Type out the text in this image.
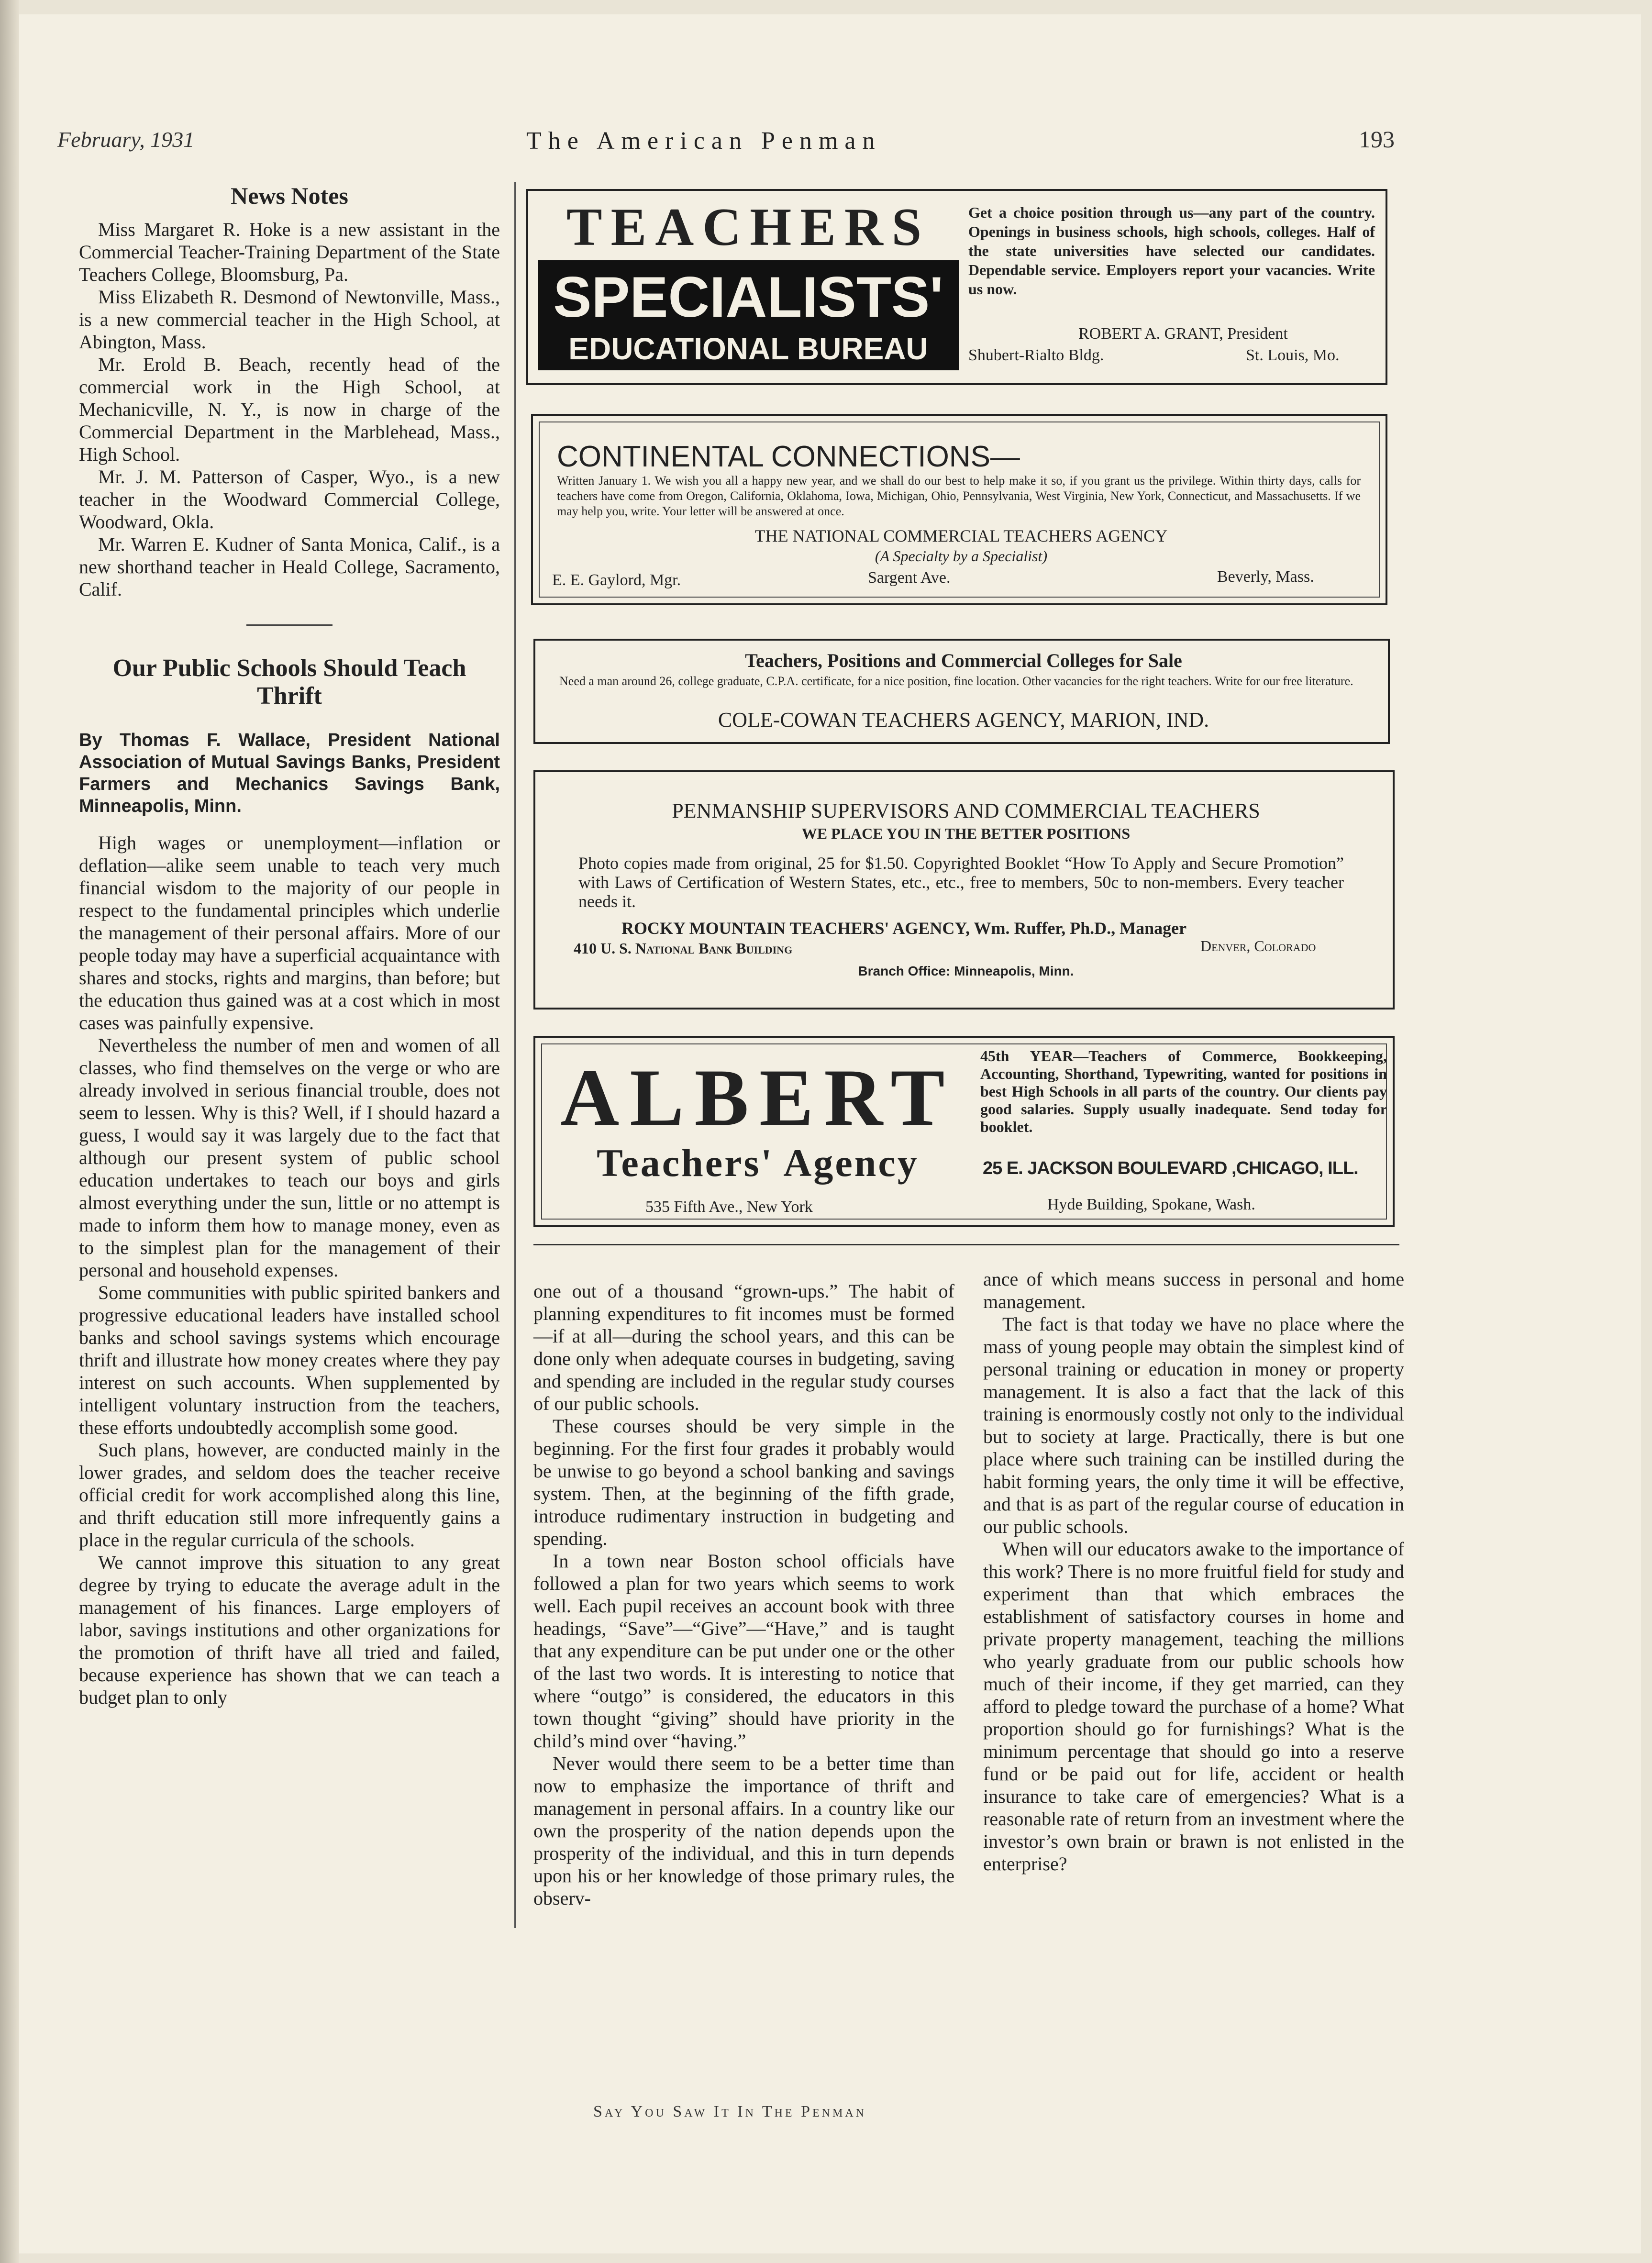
February, 1931	The American Penman	193
News Notes

Miss Margaret R. Hoke is a new assistant in the Commercial Teacher-Training Department of the State Teachers College, Bloomsburg, Pa.

Miss Elizabeth R. Desmond of Newtonville, Mass., is a new commercial teacher in the High School, at Abington, Mass.

Mr. Erold B. Beach, recently head of the commercial work in the High School, at Mechanicville, N. Y., is now in charge of the Commercial Department in the Marblehead, Mass., High School.

Mr. J. M. Patterson of Casper, Wyo., is a new teacher in the Woodward Commercial College, Woodward, Okla.

Mr. Warren E. Kudner of Santa Monica, Calif., is a new shorthand teacher in Heald College, Sacramento, Calif.

Our Public Schools Should Teach Thrift
By Thomas F. Wallace, President National Association of Mutual Savings Banks, President Farmers and Mechanics Savings Bank, Minneapolis, Minn.

High wages or unemployment—inflation or deflation—alike seem unable to teach very much financial wisdom to the majority of our people in respect to the fundamental principles which underlie the management of their personal affairs. More of our people today may have a superficial acquaintance with shares and stocks, rights and margins, than before; but the education thus gained was at a cost which in most cases was painfully expensive.

Nevertheless the number of men and women of all classes, who find themselves on the verge or who are already involved in serious financial trouble, does not seem to lessen. Why is this? Well, if I should hazard a guess, I would say it was largely due to the fact that although our present system of public school education undertakes to teach our boys and girls almost everything under the sun, little or no attempt is made to inform them how to manage money, even as to the simplest plan for the management of their personal and household expenses.

Some communities with public spirited bankers and progressive educational leaders have installed school banks and school savings systems which encourage thrift and illustrate how money creates where they pay interest on such accounts. When supplemented by intelligent voluntary instruction from the teachers, these efforts undoubtedly accomplish some good.

Such plans, however, are conducted mainly in the lower grades, and seldom does the teacher receive official credit for work accomplished along this line, and thrift education still more infrequently gains a place in the regular curricula of the schools.

We cannot improve this situation to any great degree by trying to educate the average adult in the management of his finances. Large employers of labor, savings institutions and other organizations for the promotion of thrift have all tried and failed, because experience has shown that we can teach a budget plan to only

TEACHERS
SPECIALISTS'
EDUCATIONAL BUREAU
Get a choice position through us—any part of the country. Openings in business schools, high schools, colleges. Half of the state universities have selected our candidates. Dependable service. Employers report your vacancies. Write us now.
ROBERT A. GRANT, President
Shubert-Rialto Bldg.	St. Louis, Mo.
CONTINENTAL CONNECTIONS—
Written January 1. We wish you all a happy new year, and we shall do our best to help make it so, if you grant us the privilege. Within thirty days, calls for teachers have come from Oregon, California, Oklahoma, Iowa, Michigan, Ohio, Pennsylvania, West Virginia, New York, Connecticut, and Massachusetts. If we may help you, write. Your letter will be answered at once.
THE NATIONAL COMMERCIAL TEACHERS AGENCY
(A Specialty by a Specialist)
E. E. Gaylord, Mgr.	Sargent Ave.	Beverly, Mass.
Teachers, Positions and Commercial Colleges for Sale
Need a man around 26, college graduate, C.P.A. certificate, for a nice position, fine location. Other vacancies for the right teachers. Write for our free literature.
COLE-COWAN TEACHERS AGENCY, MARION, IND.
PENMANSHIP SUPERVISORS AND COMMERCIAL TEACHERS
WE PLACE YOU IN THE BETTER POSITIONS
Photo copies made from original, 25 for $1.50. Copyrighted Booklet “How To Apply and Secure Promotion” with Laws of Certification of Western States, etc., etc., free to members, 50c to non-members. Every teacher needs it.
ROCKY MOUNTAIN TEACHERS' AGENCY, Wm. Ruffer, Ph.D., Manager
410 U. S. National Bank Building	Denver, Colorado
Branch Office: Minneapolis, Minn.
ALBERT
Teachers' Agency
45th YEAR—Teachers of Commerce, Bookkeeping, Accounting, Shorthand, Typewriting, wanted for positions in best High Schools in all parts of the country. Our clients pay good salaries. Supply usually inadequate. Send today for booklet.
25 E. JACKSON BOULEVARD ,CHICAGO, ILL.
535 Fifth Ave., New York	Hyde Building, Spokane, Wash.

one out of a thousand “grown-ups.” The habit of planning expenditures to fit incomes must be formed—if at all—during the school years, and this can be done only when adequate courses in budgeting, saving and spending are included in the regular study courses of our public schools.

These courses should be very simple in the beginning. For the first four grades it probably would be unwise to go beyond a school banking and savings system. Then, at the beginning of the fifth grade, introduce rudimentary instruction in budgeting and spending.

In a town near Boston school officials have followed a plan for two years which seems to work well. Each pupil receives an account book with three headings, “Save”—“Give”—“Have,” and is taught that any expenditure can be put under one or the other of the last two words. It is interesting to notice that where “outgo” is considered, the educators in this town thought “giving” should have priority in the child’s mind over “having.”

Never would there seem to be a better time than now to emphasize the importance of thrift and management in personal affairs. In a country like our own the prosperity of the nation depends upon the prosperity of the individual, and this in turn depends upon his or her knowledge of those primary rules, the observ-

ance of which means success in personal and home management.

The fact is that today we have no place where the mass of young people may obtain the simplest kind of personal training or education in money or property management. It is also a fact that the lack of this training is enormously costly not only to the individual but to society at large. Practically, there is but one place where such training can be instilled during the habit forming years, the only time it will be effective, and that is as part of the regular course of education in our public schools.

When will our educators awake to the importance of this work? There is no more fruitful field for study and experiment than that which embraces the establishment of satisfactory courses in home and private property management, teaching the millions who yearly graduate from our public schools how much of their income, if they get married, can they afford to pledge toward the purchase of a home? What proportion should go for furnishings? What is the minimum percentage that should go into a reserve fund or be paid out for life, accident or health insurance to take care of emergencies? What is a reasonable rate of return from an investment where the investor’s own brain or brawn is not enlisted in the enterprise?

Say You Saw It In The Penman
